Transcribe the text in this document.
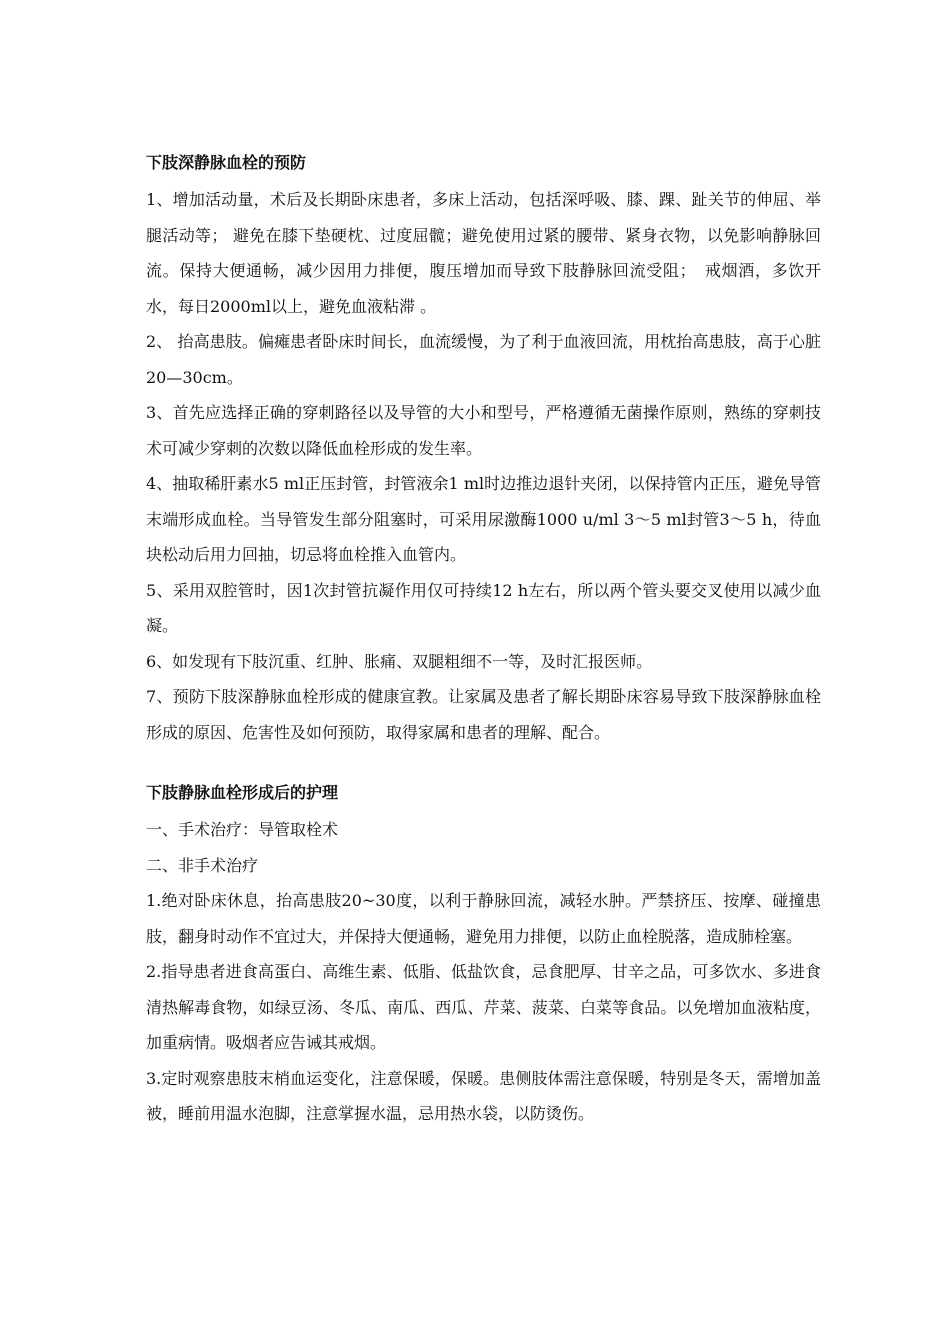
下肢深静脉血栓的预防

1、增加活动量，术后及长期卧床患者，多床上活动，包括深呼吸、膝、踝、趾关节的伸屈、举腿活动等； 避免在膝下垫硬枕、过度屈髋；避免使用过紧的腰带、紧身衣物，以免影响静脉回流。保持大便通畅，减少因用力排便，腹压增加而导致下肢静脉回流受阻；　戒烟酒，多饮开水，每日2000ml以上，避免血液粘滞 。

2、 抬高患肢。偏瘫患者卧床时间长，血流缓慢，为了利于血液回流，用枕抬高患肢，高于心脏20—30cm。

3、首先应选择正确的穿刺路径以及导管的大小和型号，严格遵循无菌操作原则，熟练的穿刺技术可减少穿刺的次数以降低血栓形成的发生率。

4、抽取稀肝素水5 ml正压封管，封管液余1 ml时边推边退针夹闭，以保持管内正压，避免导管末端形成血栓。当导管发生部分阻塞时，可采用尿激酶1000 u/ml 3～5 ml封管3～5 h，待血块松动后用力回抽，切忌将血栓推入血管内。

5、采用双腔管时，因1次封管抗凝作用仅可持续12 h左右，所以两个管头要交叉使用以减少血凝。

6、如发现有下肢沉重、红肿、胀痛、双腿粗细不一等，及时汇报医师。

7、预防下肢深静脉血栓形成的健康宣教。让家属及患者了解长期卧床容易导致下肢深静脉血栓形成的原因、危害性及如何预防，取得家属和患者的理解、配合。

下肢静脉血栓形成后的护理

一、手术治疗：导管取栓术

二、非手术治疗

1.绝对卧床休息，抬高患肢20~30度，以利于静脉回流，减轻水肿。严禁挤压、按摩、碰撞患肢，翻身时动作不宜过大，并保持大便通畅，避免用力排便，以防止血栓脱落，造成肺栓塞。

2.指导患者进食高蛋白、高维生素、低脂、低盐饮食，忌食肥厚、甘辛之品，可多饮水、多进食清热解毒食物，如绿豆汤、冬瓜、南瓜、西瓜、芹菜、菠菜、白菜等食品。以免增加血液粘度，加重病情。吸烟者应告诫其戒烟。

3.定时观察患肢末梢血运变化，注意保暖，保暖。患侧肢体需注意保暖，特别是冬天，需增加盖被，睡前用温水泡脚，注意掌握水温，忌用热水袋，以防烫伤。
